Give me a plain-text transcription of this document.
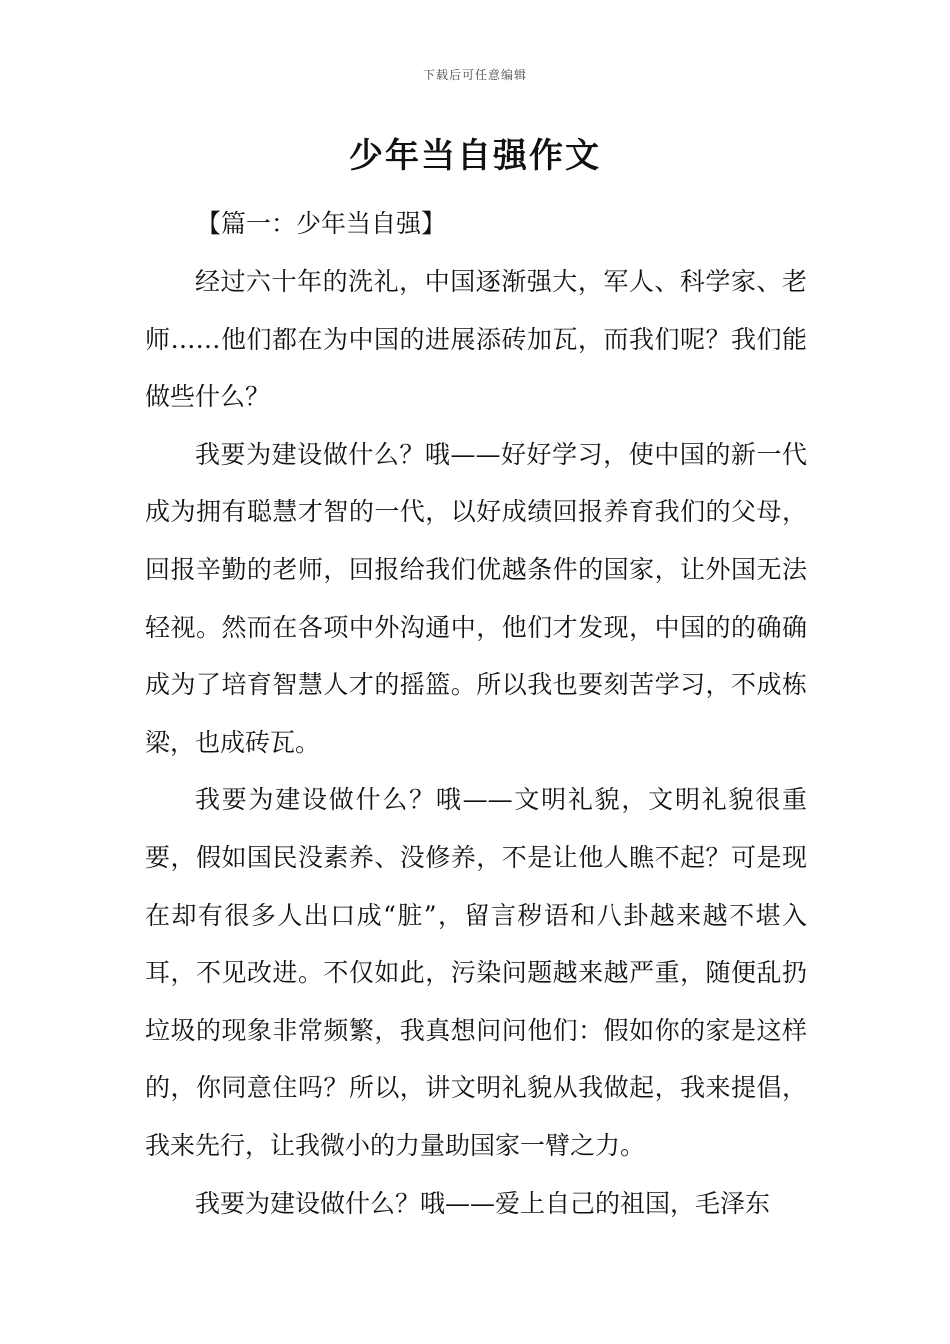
下载后可任意编辑
少年当自强作文
【篇一：少年当自强】

经过六十年的洗礼，中国逐渐强大，军人、科学家、老师……他们都在为中国的进展添砖加瓦，而我们呢？我们能做些什么？

我要为建设做什么？哦——好好学习，使中国的新一代成为拥有聪慧才智的一代，以好成绩回报养育我们的父母，回报辛勤的老师，回报给我们优越条件的国家，让外国无法轻视。然而在各项中外沟通中，他们才发现，中国的的确确成为了培育智慧人才的摇篮。所以我也要刻苦学习，不成栋梁，也成砖瓦。

我要为建设做什么？哦——文明礼貌，文明礼貌很重要，假如国民没素养、没修养，不是让他人瞧不起？可是现在却有很多人出口成“脏”，留言秽语和八卦越来越不堪入耳，不见改进。不仅如此，污染问题越来越严重，随便乱扔垃圾的现象非常频繁，我真想问问他们：假如你的家是这样的，你同意住吗？所以，讲文明礼貌从我做起，我来提倡，我来先行，让我微小的力量助国家一臂之力。

我要为建设做什么？哦——爱上自己的祖国，毛泽东
